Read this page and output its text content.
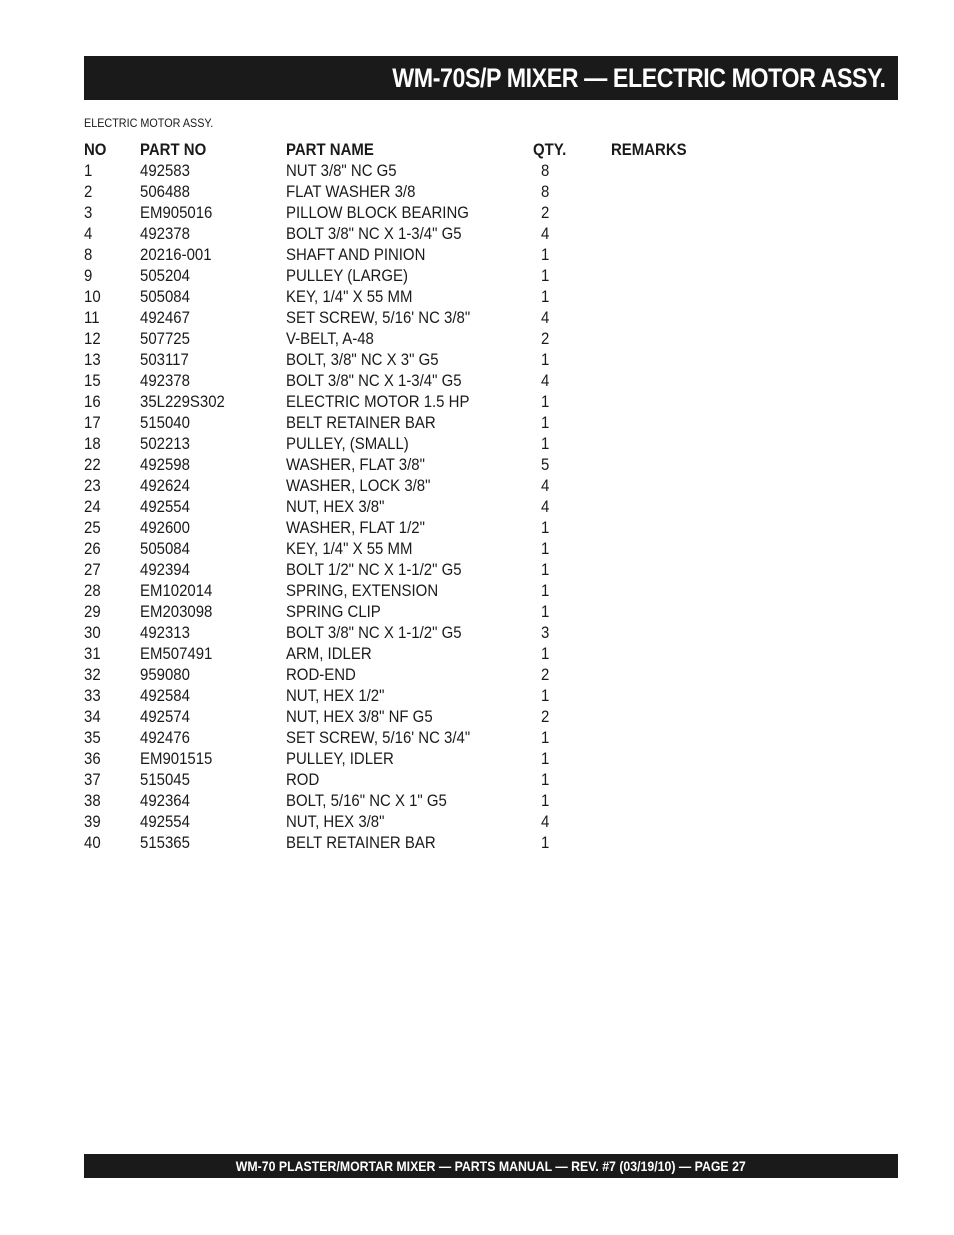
WM-70S/P MIXER — ELECTRIC MOTOR ASSY.
ELECTRIC MOTOR ASSY.
NO	PART NO	PART NAME	QTY.	REMARKS
1	492583	NUT 3/8" NC G5	8	
2	506488	FLAT WASHER 3/8	8	
3	EM905016	PILLOW BLOCK BEARING	2	
4	492378	BOLT 3/8" NC X 1-3/4" G5	4	
8	20216-001	SHAFT AND PINION	1	
9	505204	PULLEY (LARGE)	1	
10	505084	KEY, 1/4" X 55 MM	1	
11	492467	SET SCREW, 5/16' NC 3/8"	4	
12	507725	V-BELT, A-48	2	
13	503117	BOLT, 3/8" NC X 3" G5	1	
15	492378	BOLT 3/8" NC X 1-3/4" G5	4	
16	35L229S302	ELECTRIC MOTOR 1.5 HP	1	
17	515040	BELT RETAINER BAR	1	
18	502213	PULLEY, (SMALL)	1	
22	492598	WASHER, FLAT 3/8"	5	
23	492624	WASHER, LOCK 3/8"	4	
24	492554	NUT, HEX 3/8"	4	
25	492600	WASHER, FLAT 1/2"	1	
26	505084	KEY, 1/4" X 55 MM	1	
27	492394	BOLT 1/2" NC X 1-1/2" G5	1	
28	EM102014	SPRING, EXTENSION	1	
29	EM203098	SPRING CLIP	1	
30	492313	BOLT 3/8" NC X 1-1/2" G5	3	
31	EM507491	ARM, IDLER	1	
32	959080	ROD-END	2	
33	492584	NUT, HEX 1/2"	1	
34	492574	NUT, HEX 3/8" NF G5	2	
35	492476	SET SCREW, 5/16' NC 3/4"	1	
36	EM901515	PULLEY, IDLER	1	
37	515045	ROD	1	
38	492364	BOLT, 5/16" NC X 1" G5	1	
39	492554	NUT, HEX 3/8"	4	
40	515365	BELT RETAINER BAR	1	
WM-70 PLASTER/MORTAR MIXER — PARTS MANUAL — REV. #7 (03/19/10) — PAGE 27
